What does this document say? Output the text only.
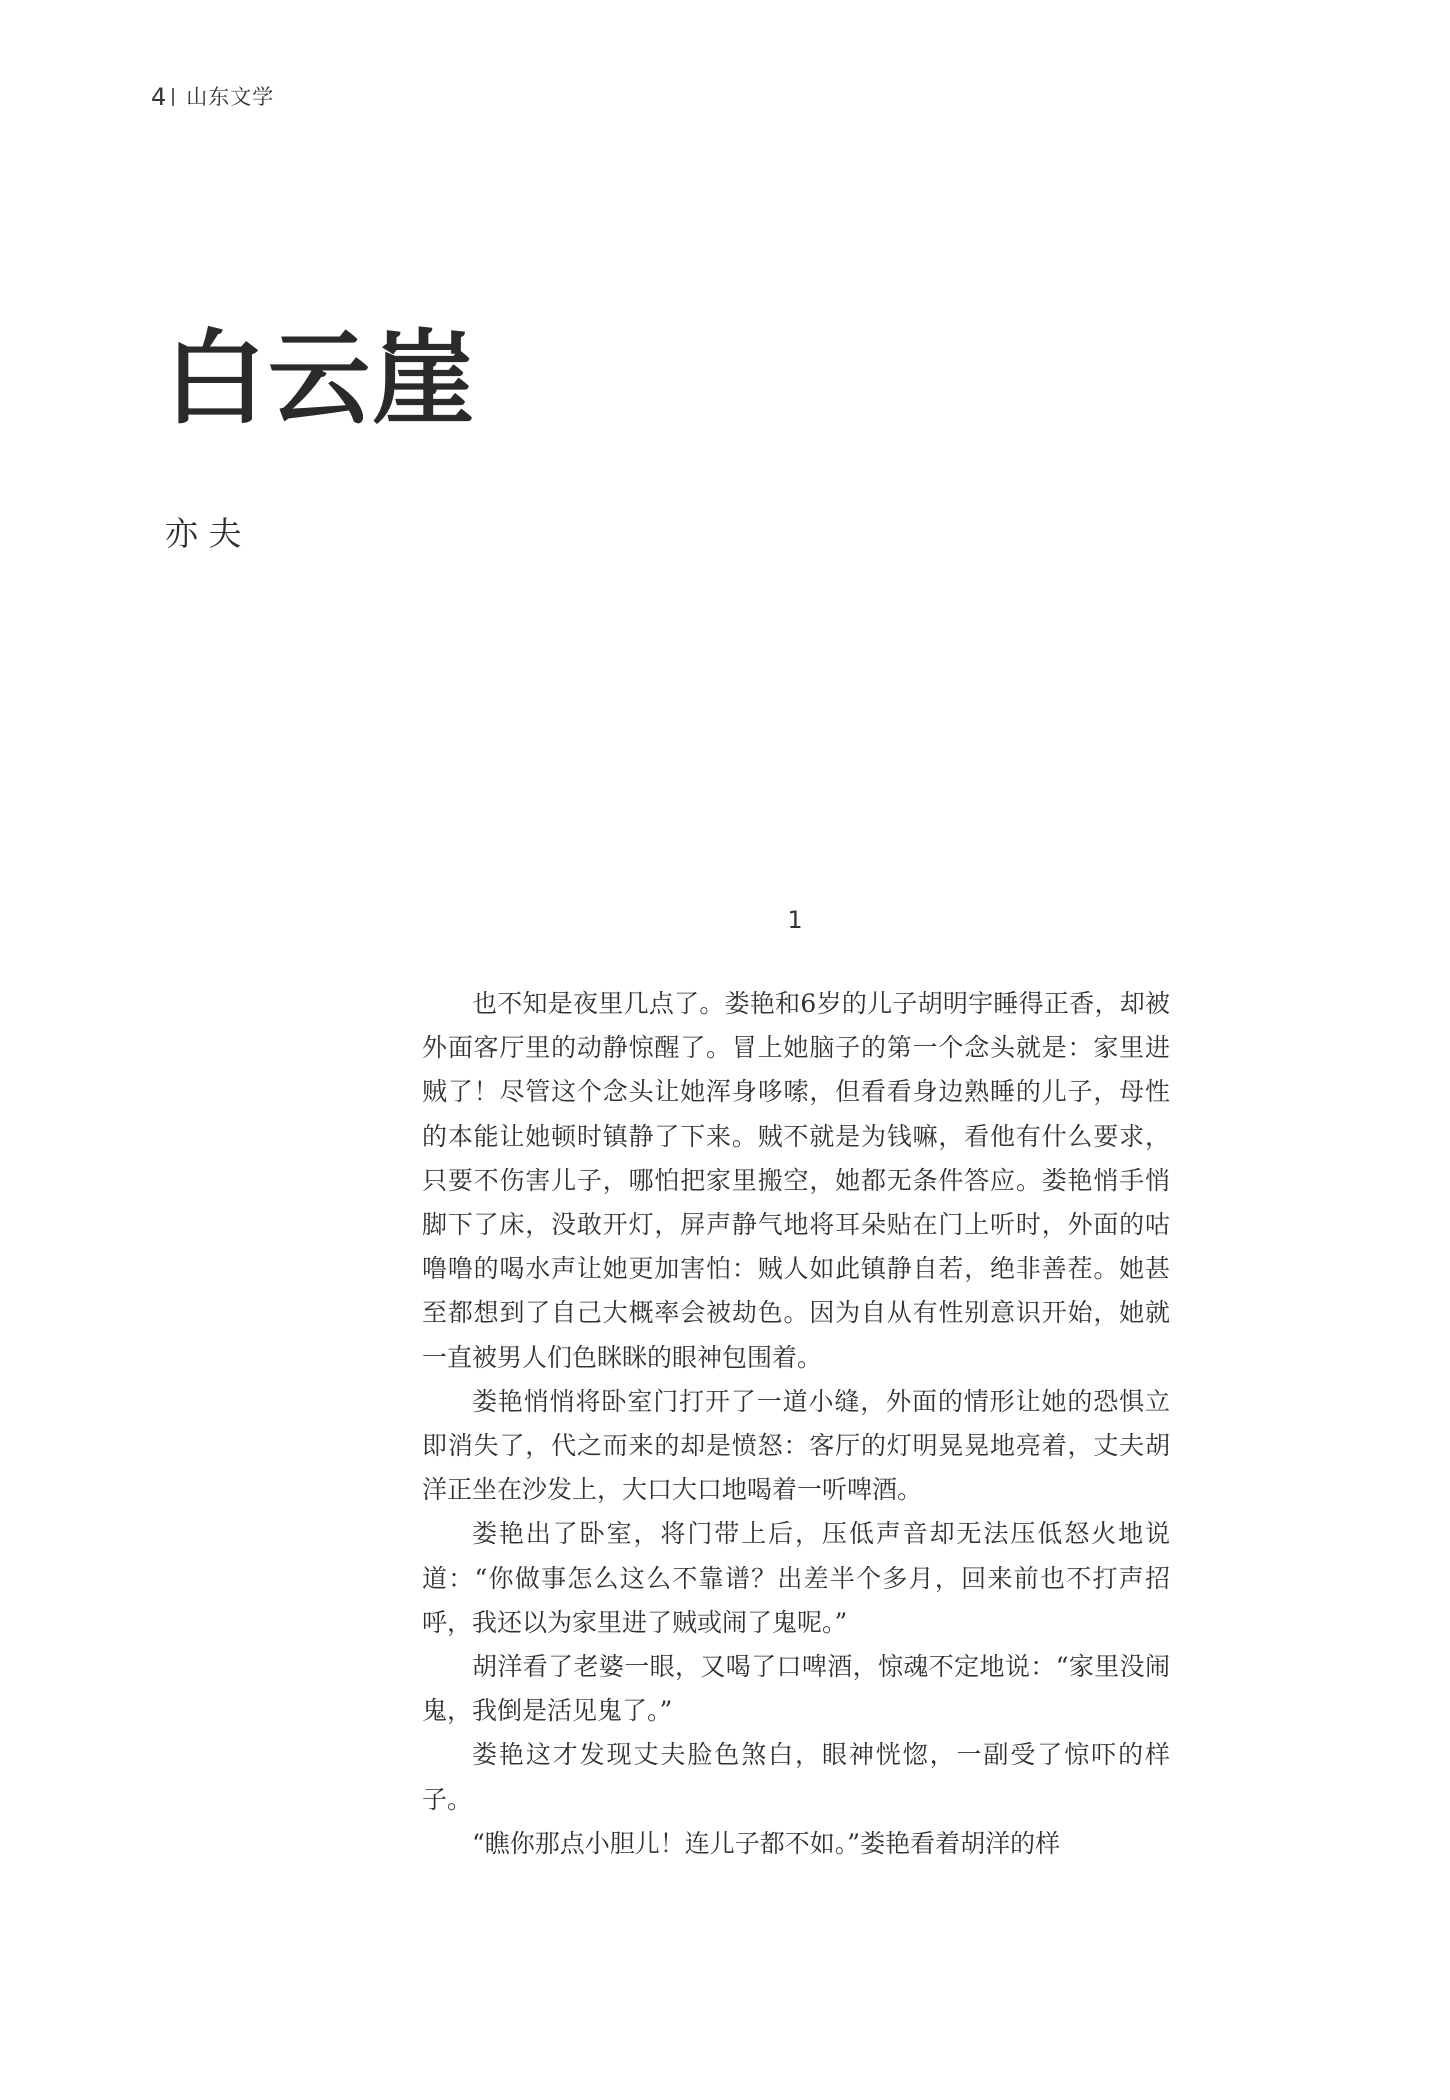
4 山东文学
白云崖
亦 夫
1

也不知是夜里几点了。娄艳和6岁的儿子胡明宇睡得正香，却被外面客厅里的动静惊醒了。冒上她脑子的第一个念头就是：家里进贼了！尽管这个念头让她浑身哆嗦，但看看身边熟睡的儿子，母性的本能让她顿时镇静了下来。贼不就是为钱嘛，看他有什么要求，只要不伤害儿子，哪怕把家里搬空，她都无条件答应。娄艳悄手悄脚下了床，没敢开灯，屏声静气地将耳朵贴在门上听时，外面的咕噜噜的喝水声让她更加害怕：贼人如此镇静自若，绝非善茬。她甚至都想到了自己大概率会被劫色。因为自从有性别意识开始，她就一直被男人们色眯眯的眼神包围着。

娄艳悄悄将卧室门打开了一道小缝，外面的情形让她的恐惧立即消失了，代之而来的却是愤怒：客厅的灯明晃晃地亮着，丈夫胡洋正坐在沙发上，大口大口地喝着一听啤酒。

娄艳出了卧室，将门带上后，压低声音却无法压低怒火地说道：“你做事怎么这么不靠谱？出差半个多月，回来前也不打声招呼，我还以为家里进了贼或闹了鬼呢。”

胡洋看了老婆一眼，又喝了口啤酒，惊魂不定地说：“家里没闹鬼，我倒是活见鬼了。”

娄艳这才发现丈夫脸色煞白，眼神恍惚，一副受了惊吓的样子。

“瞧你那点小胆儿！连儿子都不如。”娄艳看着胡洋的样
